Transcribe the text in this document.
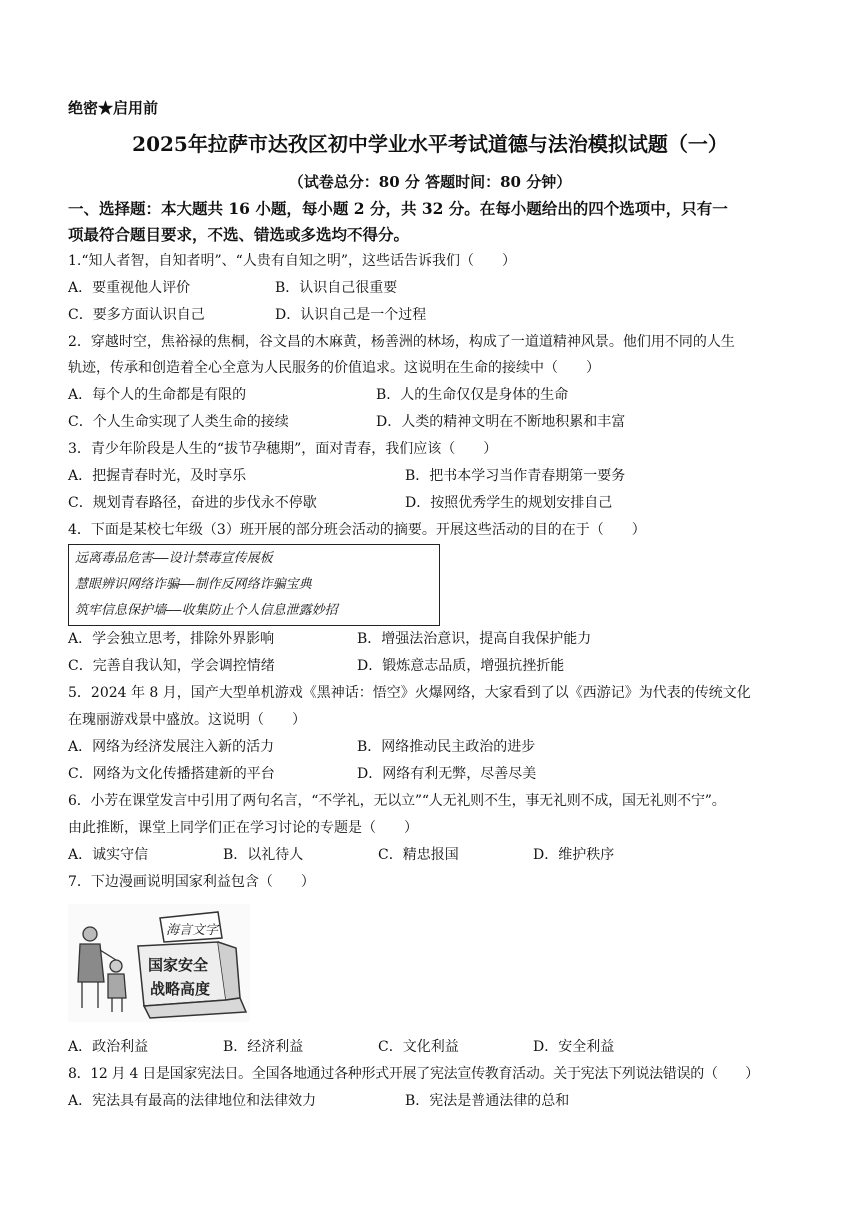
绝密★启用前
2025年拉萨市达孜区初中学业水平考试道德与法治模拟试题（一）
（试卷总分：80 分 答题时间：80 分钟）
一、选择题：本大题共 16 小题，每小题 2 分，共 32 分。在每小题给出的四个选项中，只有一
项最符合题目要求，不选、错选或多选均不得分。
1.“知人者智，自知者明”、“人贵有自知之明”，这些话告诉我们（　　）
A．要重视他人评价	B．认识自己很重要
C．要多方面认识自己	D．认识自己是一个过程
2．穿越时空，焦裕禄的焦桐，谷文昌的木麻黄，杨善洲的林场，构成了一道道精神风景。他们用不同的人生
轨迹，传承和创造着全心全意为人民服务的价值追求。这说明在生命的接续中（　　）
A．每个人的生命都是有限的	B．人的生命仅仅是身体的生命
C．个人生命实现了人类生命的接续	D．人类的精神文明在不断地积累和丰富
3．青少年阶段是人生的“拔节孕穗期”，面对青春，我们应该（　　）
A．把握青春时光，及时享乐	B．把书本学习当作青春期第一要务
C．规划青春路径，奋进的步伐永不停歇	D．按照优秀学生的规划安排自己
4．下面是某校七年级（3）班开展的部分班会活动的摘要。开展这些活动的目的在于（　　）
远离毒品危害——设计禁毒宣传展板
慧眼辨识网络诈骗——制作反网络诈骗宝典
筑牢信息保护墙——收集防止个人信息泄露妙招
A．学会独立思考，排除外界影响	B．增强法治意识，提高自我保护能力
C．完善自我认知，学会调控情绪	D．锻炼意志品质，增强抗挫折能
5．2024 年 8 月，国产大型单机游戏《黑神话：悟空》火爆网络，大家看到了以《西游记》为代表的传统文化
在瑰丽游戏景中盛放。这说明（　　）
A．网络为经济发展注入新的活力	B．网络推动民主政治的进步
C．网络为文化传播搭建新的平台	D．网络有利无弊，尽善尽美
6．小芳在课堂发言中引用了两句名言，“不学礼，无以立”“人无礼则不生，事无礼则不成，国无礼则不宁”。
由此推断，课堂上同学们正在学习讨论的专题是（　　）
A．诚实守信	B．以礼待人	C．精忠报国	D．维护秩序
7．下边漫画说明国家利益包含（　　）
海言文字
国家安全
战略高度
A．政治利益	B．经济利益	C．文化利益	D．安全利益
8．12 月 4 日是国家宪法日。全国各地通过各种形式开展了宪法宣传教育活动。关于宪法下列说法错误的（　　）
A．宪法具有最高的法律地位和法律效力	B．宪法是普通法律的总和
